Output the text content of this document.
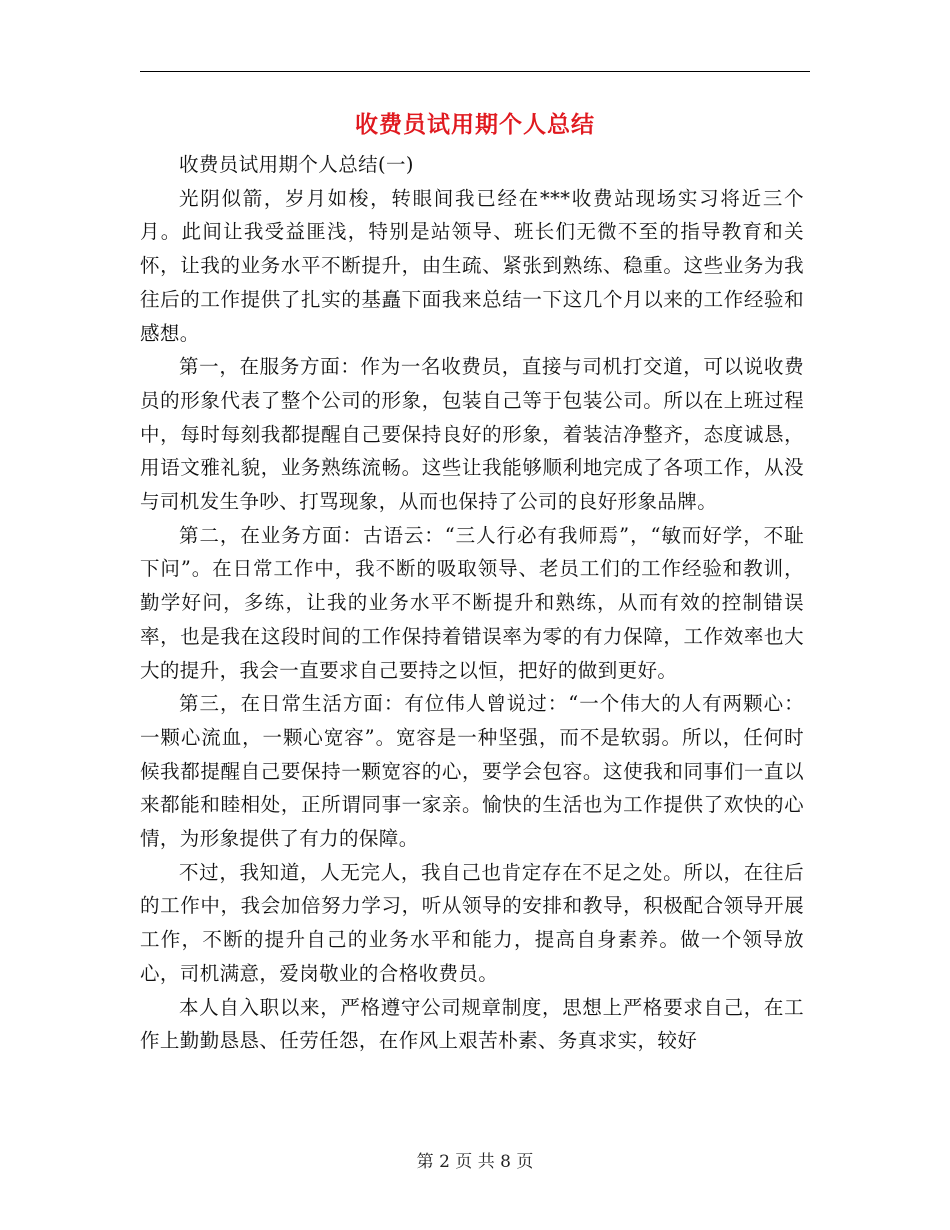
收费员试用期个人总结

收费员试用期个人总结(一)

光阴似箭，岁月如梭，转眼间我已经在***收费站现场实习将近三个月。此间让我受益匪浅，特别是站领导、班长们无微不至的指导教育和关怀，让我的业务水平不断提升，由生疏、紧张到熟练、稳重。这些业务为我往后的工作提供了扎实的基矗下面我来总结一下这几个月以来的工作经验和感想。

第一，在服务方面：作为一名收费员，直接与司机打交道，可以说收费员的形象代表了整个公司的形象，包装自己等于包装公司。所以在上班过程中，每时每刻我都提醒自己要保持良好的形象，着装洁净整齐，态度诚恳，用语文雅礼貌，业务熟练流畅。这些让我能够顺利地完成了各项工作，从没与司机发生争吵、打骂现象，从而也保持了公司的良好形象品牌。

第二，在业务方面：古语云：“三人行必有我师焉”，“敏而好学，不耻下问”。在日常工作中，我不断的吸取领导、老员工们的工作经验和教训，勤学好问，多练，让我的业务水平不断提升和熟练，从而有效的控制错误率，也是我在这段时间的工作保持着错误率为零的有力保障，工作效率也大大的提升，我会一直要求自己要持之以恒，把好的做到更好。

第三，在日常生活方面：有位伟人曾说过：“一个伟大的人有两颗心：一颗心流血，一颗心宽容”。宽容是一种坚强，而不是软弱。所以，任何时候我都提醒自己要保持一颗宽容的心，要学会包容。这使我和同事们一直以来都能和睦相处，正所谓同事一家亲。愉快的生活也为工作提供了欢快的心情，为形象提供了有力的保障。

不过，我知道，人无完人，我自己也肯定存在不足之处。所以，在往后的工作中，我会加倍努力学习，听从领导的安排和教导，积极配合领导开展工作，不断的提升自己的业务水平和能力，提高自身素养。做一个领导放心，司机满意，爱岗敬业的合格收费员。

本人自入职以来，严格遵守公司规章制度，思想上严格要求自己，在工作上勤勤恳恳、任劳任怨，在作风上艰苦朴素、务真求实，较好

第 2 页 共 8 页
